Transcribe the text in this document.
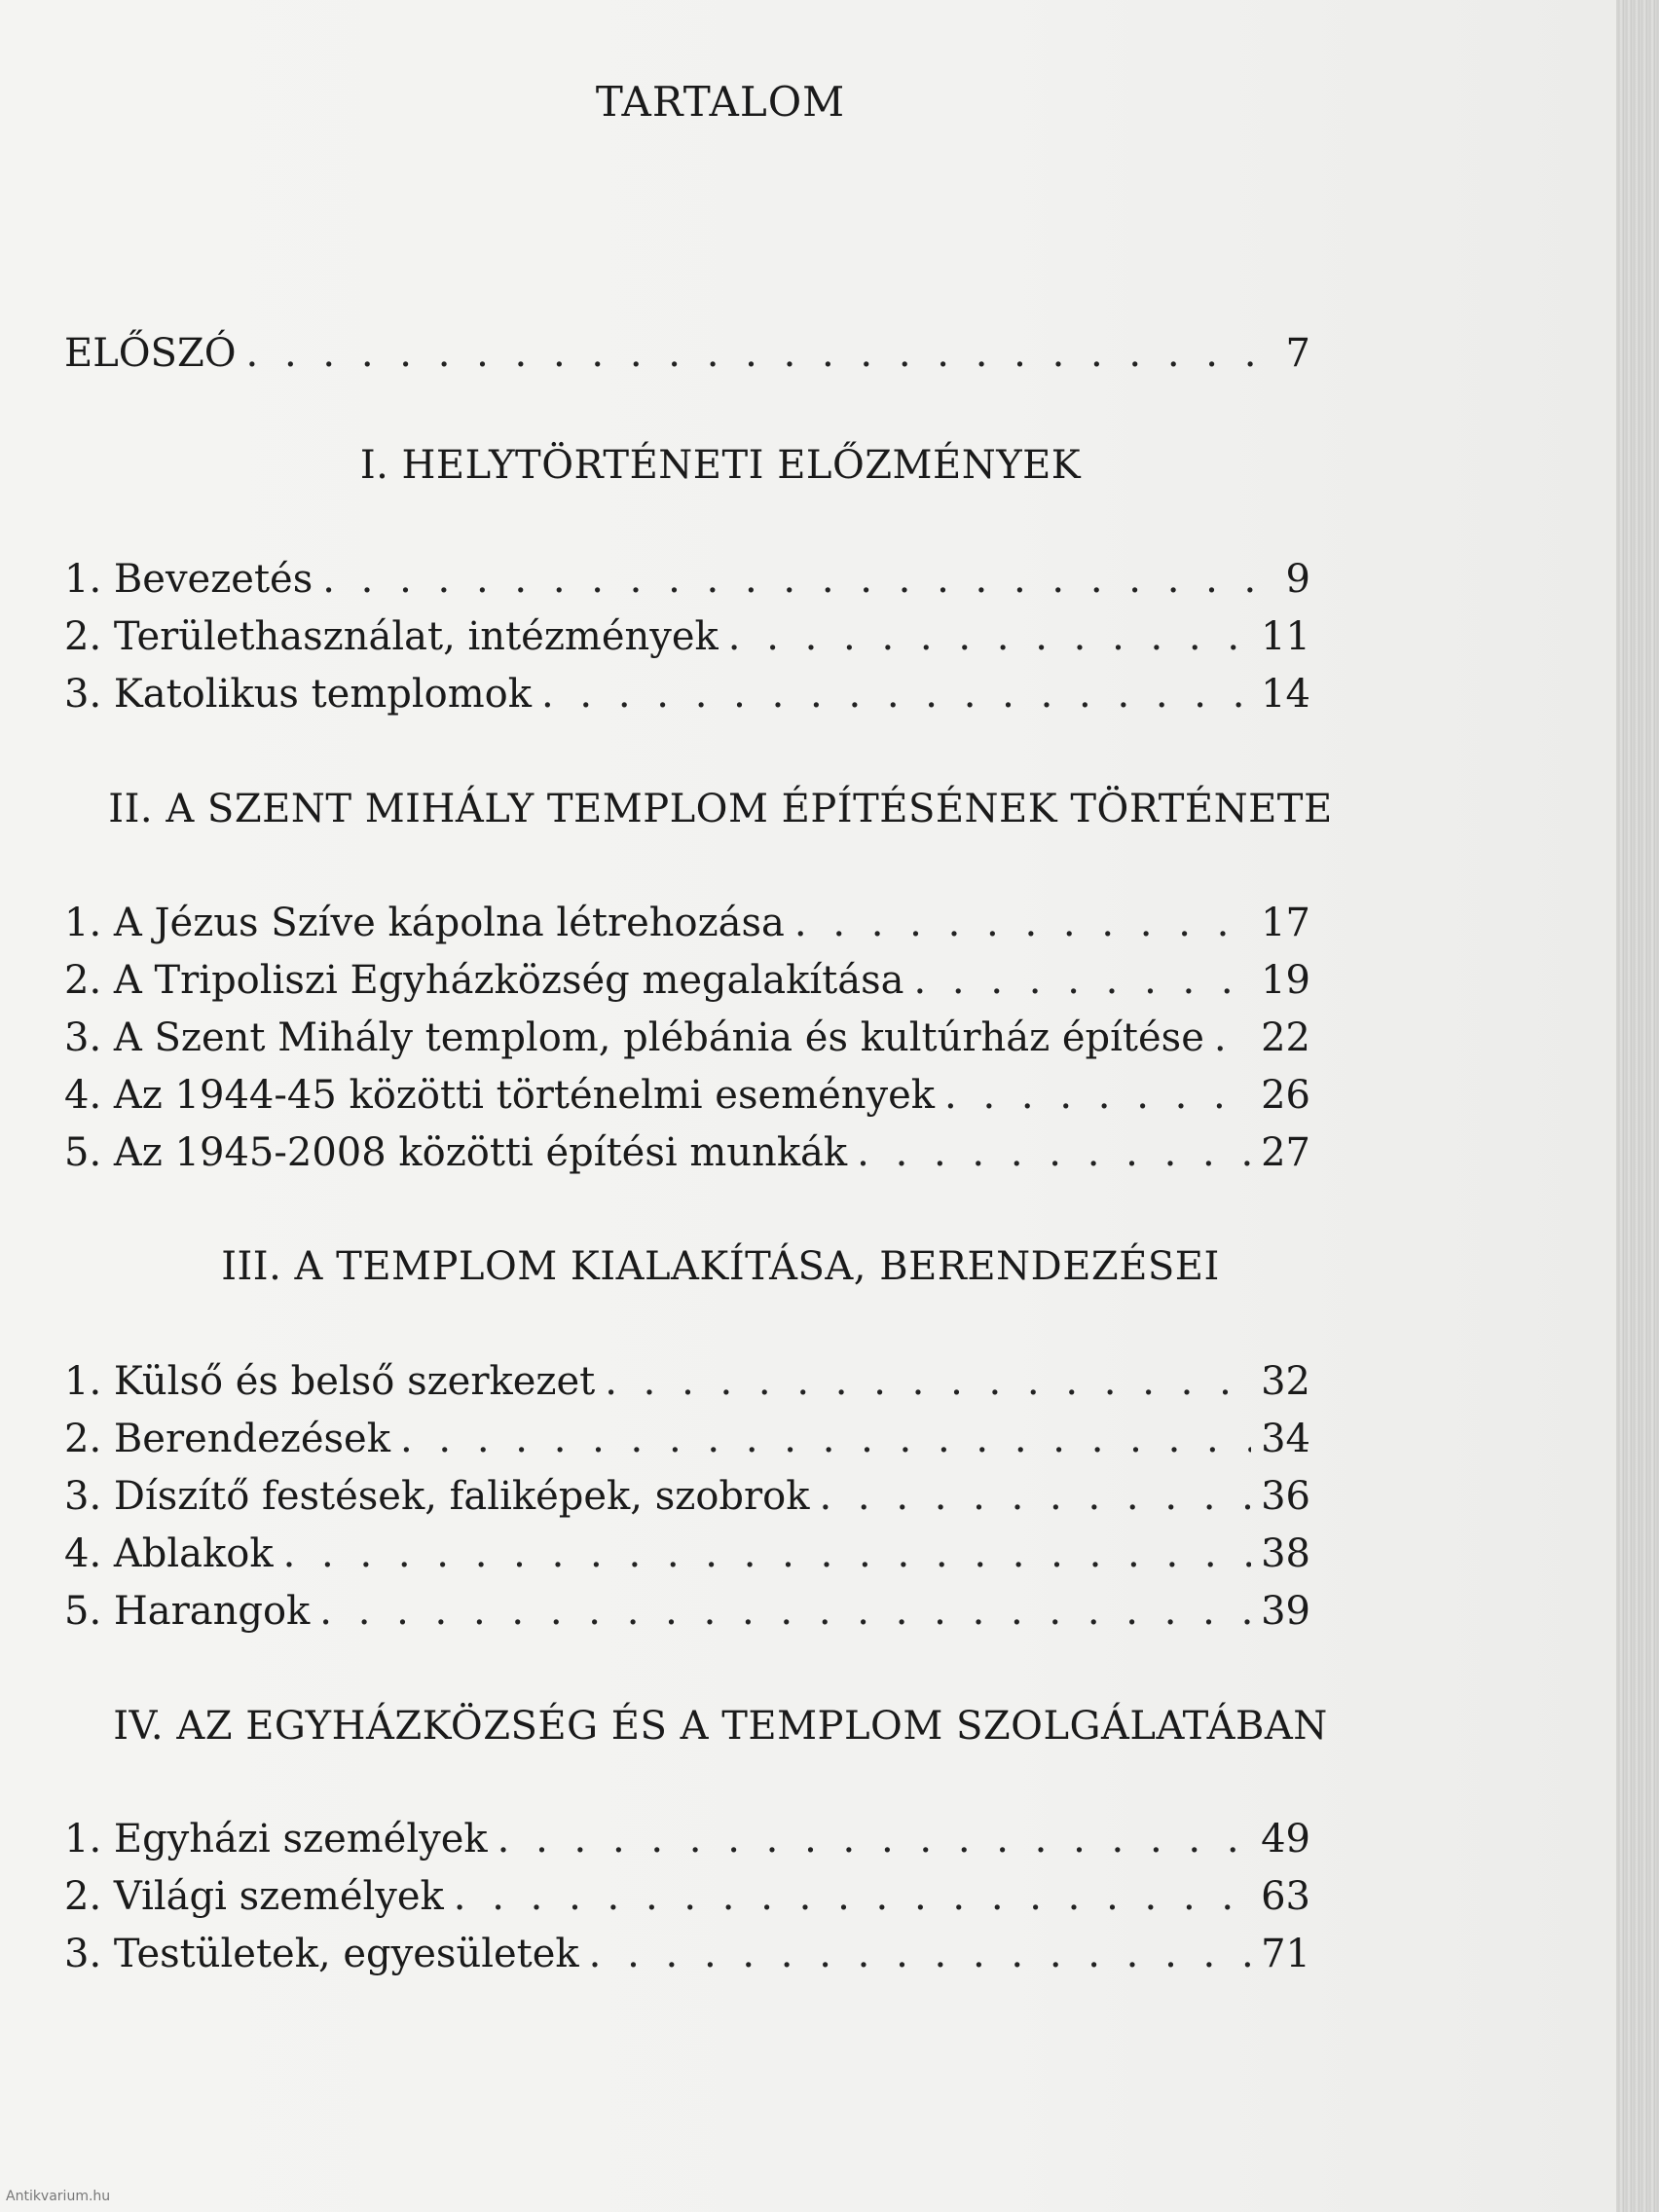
TARTALOM
ELŐSZÓ . . .	7
I. HELYTÖRTÉNETI ELŐZMÉNYEK
1. Bevezetés . . .	9
2. Területhasználat, intézmények . . .	11
3. Katolikus templomok . . .	14
II. A SZENT MIHÁLY TEMPLOM ÉPÍTÉSÉNEK TÖRTÉNETE
1. A Jézus Szíve kápolna létrehozása . . .	17
2. A Tripoliszi Egyházközség megalakítása . . .	19
3. A Szent Mihály templom, plébánia és kultúrház építése . . . 22
4. Az 1944-45 közötti történelmi események . . .	26
5. Az 1945-2008 közötti építési munkák . . .	27
III. A TEMPLOM KIALAKÍTÁSA, BERENDEZÉSEI
1. Külső és belső szerkezet . . .	32
2. Berendezések . . .	34
3. Díszítő festések, faliképek, szobrok . . .	36
4. Ablakok . . .	38
5. Harangok . . .	39
IV. AZ EGYHÁZKÖZSÉG ÉS A TEMPLOM SZOLGÁLATÁBAN
1. Egyházi személyek . . .	49
2. Világi személyek . . .	63
3. Testületek, egyesületek . . .	71
Antikvarium.hu
